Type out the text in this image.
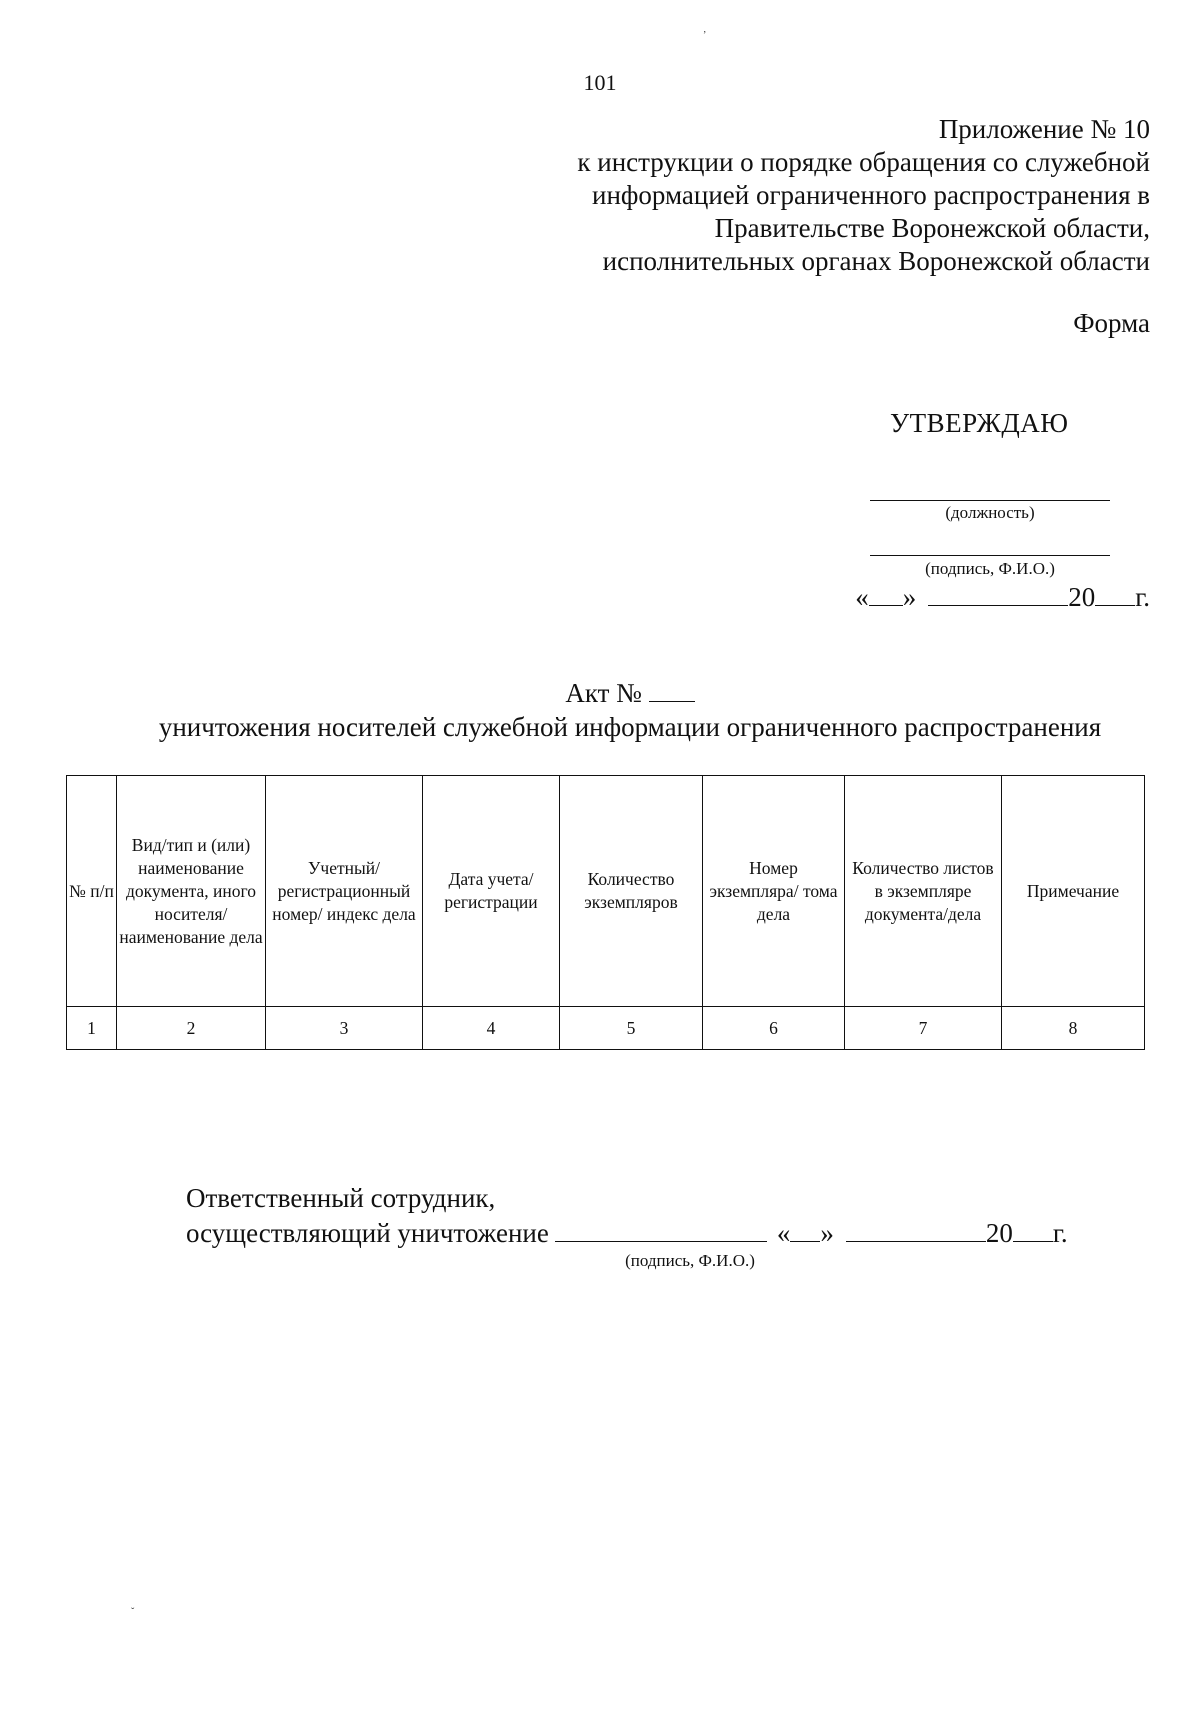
ʼ
101
Приложение № 10
к инструкции о порядке обращения со служебной
информацией ограниченного распространения в
Правительстве Воронежской области,
исполнительных органах Воронежской области
Форма
УТВЕРЖДАЮ
(должность)
(подпись, Ф.И.О.)
« »	20 г.
Акт №
уничтожения носителей служебной информации ограниченного распространения
№ п/п	Вид/тип и (или) наименование документа, иного носителя/ наименование дела	Учетный/ регистрационный номер/ индекс дела	Дата учета/ регистрации	Количество экземпляров	Номер экземпляра/ тома дела	Количество листов в экземпляре документа/дела	Примечание
1	2	3	4	5	6	7	8
Ответственный сотрудник,
осуществляющий уничтожение	« »	20 г.
(подпись, Ф.И.О.)
ˇ
